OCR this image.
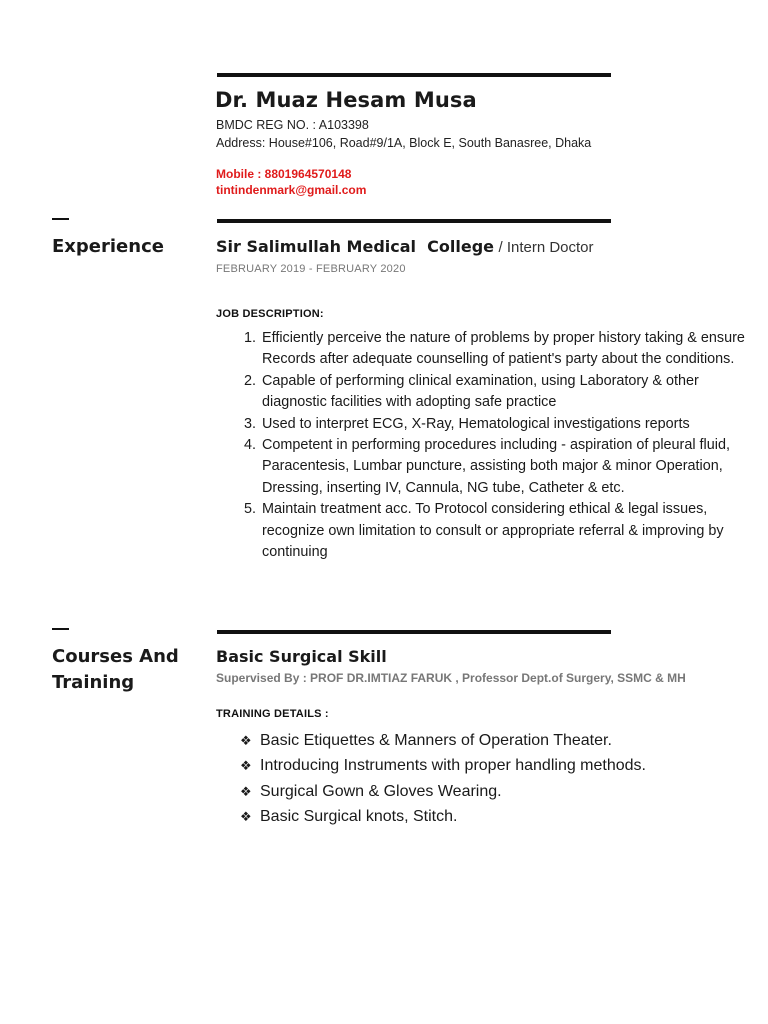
Dr. Muaz Hesam Musa
BMDC REG NO. : A103398
Address: House#106, Road#9/1A, Block E, South Banasree, Dhaka
Mobile : 8801964570148
tintindenmark@gmail.com
Experience	Sir Salimullah Medical  College / Intern Doctor
FEBRUARY 2019 - FEBRUARY 2020
JOB DESCRIPTION:
1. Efficiently perceive the nature of problems by proper history taking & ensure Records after adequate counselling of patient's party about the conditions.
2. Capable of performing clinical examination, using Laboratory & other diagnostic facilities with adopting safe practice
3. Used to interpret ECG, X-Ray, Hematological investigations reports
4. Competent in performing procedures including - aspiration of pleural fluid, Paracentesis, Lumbar puncture, assisting both major & minor Operation, Dressing, inserting IV, Cannula, NG tube, Catheter & etc.
5. Maintain treatment acc. To Protocol considering ethical & legal issues, recognize own limitation to consult or appropriate referral & improving by continuing
Courses And
Training
Basic Surgical Skill
Supervised By : PROF DR.IMTIAZ FARUK , Professor Dept.of Surgery, SSMC & MH
TRAINING DETAILS :
❖ Basic Etiquettes & Manners of Operation Theater.
❖ Introducing Instruments with proper handling methods.
❖ Surgical Gown & Gloves Wearing.
❖ Basic Surgical knots, Stitch.
